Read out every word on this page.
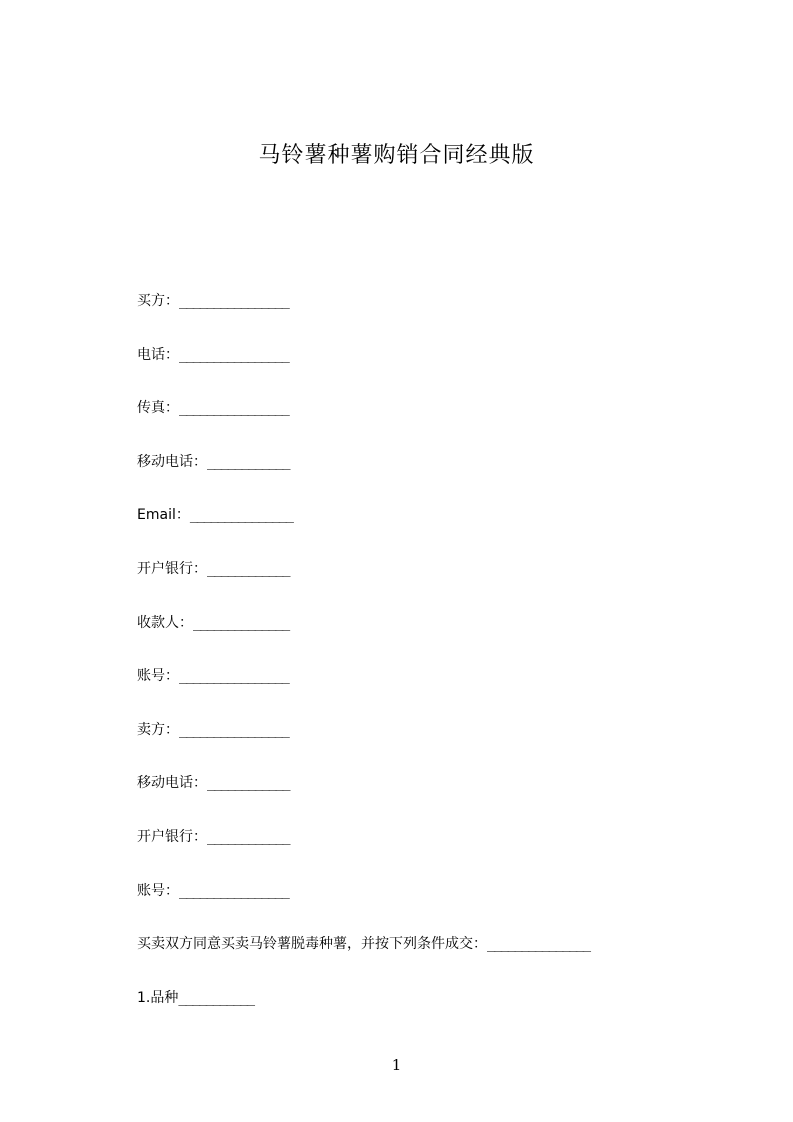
马铃薯种薯购销合同经典版
买方：________________
电话：________________
传真：________________
移动电话：____________
Email：_______________
开户银行：____________
收款人：______________
账号：________________
卖方：________________
移动电话：____________
开户银行：____________
账号：________________
买卖双方同意买卖马铃薯脱毒种薯，并按下列条件成交：_______________
1.品种___________
1
